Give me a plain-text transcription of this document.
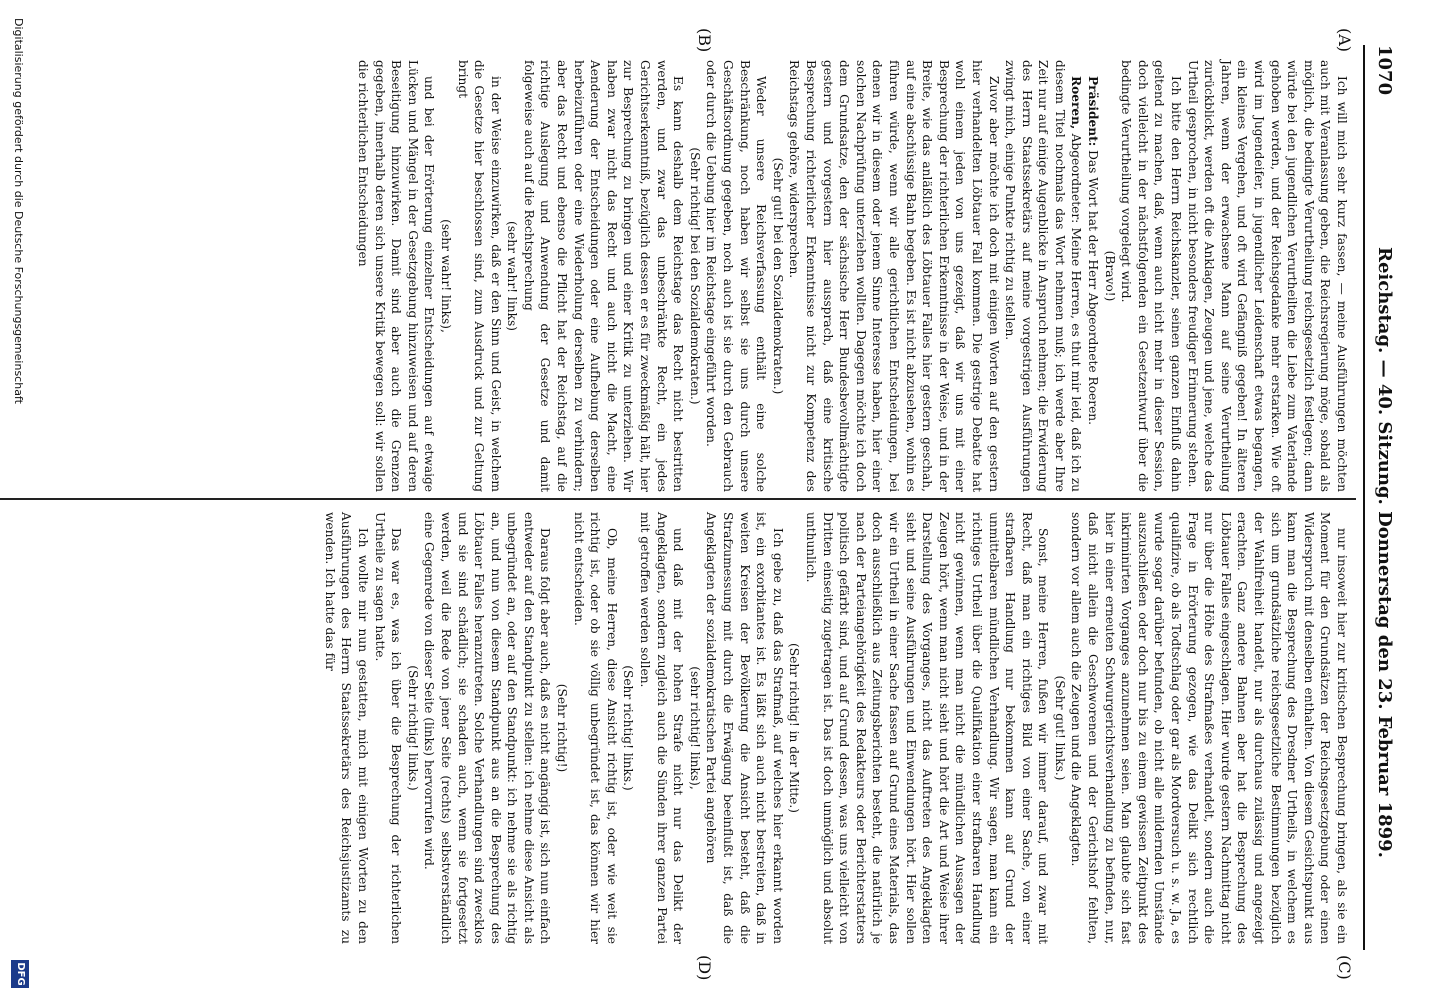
1070
Reichstag. — 40. Sitzung. Donnerstag den 23. Februar 1899.
(A)
(B)
(C)
(D)

Ich will mich sehr kurz fassen, — meine Ausführungen möchten auch mit Veranlassung geben, die Reichsregierung möge, sobald als möglich, die bedingte Verurtheilung reichsgesetzlich festlegen; dann würde bei den jugendlichen Verurtheilten die Liebe zum Vaterlande gehoben werden, und der Reichsgedanke mehr erstarken. Wie oft wird im Jugendeifer, in jugendlicher Leidenschaft etwas begangen, ein kleines Vergehen, und oft wird Gefängniß gegeben! In älteren Jahren, wenn der erwachsene Mann auf seine Verurtheilung zurückblickt, werden oft die Anklagen, Zeugen und jene, welche das Urtheil gesprochen, in nicht besonders freudiger Erinnerung stehen.

Ich bitte den Herrn Reichskanzler, seinen ganzen Einfluß dahin geltend zu machen, daß, wenn auch nicht mehr in dieser Session, doch vielleicht in der nächstfolgenden ein Gesetzentwurf über die bedingte Verurtheilung vorgelegt wird.

(Bravo!)

Präsident: Das Wort hat der Herr Abgeordnete Roeren.

Roeren, Abgeordneter: Meine Herren, es thut mir leid, daß ich zu diesem Titel nochmals das Wort nehmen muß; ich werde aber Ihre Zeit nur auf einige Augenblicke in Anspruch nehmen; die Erwiderung des Herrn Staatssekretärs auf meine vorgestrigen Ausführungen zwingt mich, einige Punkte richtig zu stellen.

Zuvor aber möchte ich doch mit einigen Worten auf den gestern hier verhandelten Löbtauer Fall kommen. Die gestrige Debatte hat wohl einem jeden von uns gezeigt, daß wir uns mit einer Besprechung der richterlichen Erkenntnisse in der Weise, und in der Breite, wie das anläßlich des Löbtauer Falles hier gestern geschah, auf eine abschüssige Bahn begeben. Es ist nicht abzusehen, wohin es führen würde, wenn wir alle gerichtlichen Entscheidungen, bei denen wir in diesem oder jenem Sinne Interesse haben, hier einer solchen Nachprüfung unterziehen wollten. Dagegen möchte ich doch dem Grundsatze, den der sächsische Herr Bundesbevollmächtigte gestern und vorgestern hier aussprach, daß eine kritische Besprechung richterlicher Erkenntnisse nicht zur Kompetenz des Reichstags gehöre, widersprechen.

(Sehr gut! bei den Sozialdemokraten.)

Weder unsere Reichsverfassung enthält eine solche Beschränkung, noch haben wir selbst sie uns durch unsere Geschäftsordnung gegeben, noch auch ist sie durch den Gebrauch oder durch die Uebung hier im Reichstage eingeführt worden.

(Sehr richtig! bei den Sozialdemokraten.)

Es kann deshalb dem Reichstage das Recht nicht bestritten werden, und zwar das unbeschränkte Recht, ein jedes Gerichtserkenntniß, bezüglich dessen er es für zweckmäßig hält, hier zur Besprechung zu bringen und einer Kritik zu unterziehen. Wir haben zwar nicht das Recht und auch nicht die Macht, eine Aenderung der Entscheidungen oder eine Aufhebung derselben herbeizuführen oder eine Wiederholung derselben zu verhindern; aber das Recht und ebenso die Pflicht hat der Reichstag, auf die richtige Auslegung und Anwendung der Gesetze und damit folgeweise auch auf die Rechtsprechung

(sehr wahr! links)

in der Weise einzuwirken, daß er den Sinn und Geist, in welchem die Gesetze hier beschlossen sind, zum Ausdruck und zur Geltung bringt

(sehr wahr! links),

und bei der Erörterung einzelner Entscheidungen auf etwaige Lücken und Mängel in der Gesetzgebung hinzuweisen und auf deren Beseitigung hinzuwirken. Damit sind aber auch die Grenzen gegeben, innerhalb deren sich unsere Kritik bewegen soll: wir sollen die richterlichen Entscheidungen

nur insoweit hier zur kritischen Besprechung bringen, als sie ein Moment für den Grundsätzen der Reichsgesetzgebung oder einen Widerspruch mit denselben enthalten. Von diesem Gesichtspunkt aus kann man die Besprechung des Dresdner Urtheils, in welchem es sich um grundsätzliche reichsgesetzliche Bestimmungen bezüglich der Wahlfreiheit handelt, nur als durchaus zulässig und angezeigt erachten. Ganz andere Bahnen aber hat die Besprechung des Löbtauer Falles eingeschlagen. Hier wurde gestern Nachmittag nicht nur über die Höhe des Strafmaßes verhandelt, sondern auch die Frage in Erörterung gezogen, wie das Delikt sich rechtlich qualifizire, ob als Todtschlag oder gar als Mordversuch u. s. w. Ja, es wurde sogar darüber befunden, ob nicht alle mildernden Umstände auszuschließen oder doch nur bis zu einem gewissen Zeitpunkt des inkriminirten Vorganges anzunehmen seien. Man glaubte sich fast hier in einer erneuten Schwurgerichtsverhandlung zu befinden, nur, daß nicht allein die Geschworenen und der Gerichtshof fehlten, sondern vor allem auch die Zeugen und die Angeklagten.

(Sehr gut! links.)

Sonst, meine Herren, fußen wir immer darauf, und zwar mit Recht, daß man ein richtiges Bild von einer Sache, von einer strafbaren Handlung nur bekommen kann auf Grund der unmittelbaren mündlichen Verhandlung. Wir sagen, man kann ein richtiges Urtheil über die Qualifikation einer strafbaren Handlung nicht gewinnen, wenn man nicht die mündlichen Aussagen der Zeugen hört, wenn man nicht sieht und hört die Art und Weise ihrer Darstellung des Vorganges, nicht das Auftreten des Angeklagten sieht und seine Ausführungen und Einwendungen hört. Hier sollen wir ein Urtheil in einer Sache fassen auf Grund eines Materials, das doch ausschließlich aus Zeitungsberichten besteht, die natürlich je nach der Parteiangehörigkeit des Redakteurs oder Berichterstatters politisch gefärbt sind, und auf Grund dessen, was uns vielleicht von Dritten einseitig zugetragen ist. Das ist doch unmöglich und absolut unthunlich.

(Sehr richtig! in der Mitte.)

Ich gebe zu, daß das Strafmaß, auf welches hier erkannt worden ist, ein exorbitantes ist. Es läßt sich auch nicht bestreiten, daß in weiten Kreisen der Bevölkerung die Ansicht besteht, daß die Strafzumessung mit durch die Erwägung beeinflußt ist, daß die Angeklagten der sozialdemokratischen Partei angehören

(sehr richtig! links),

und daß mit der hohen Strafe nicht nur das Delikt der Angeklagten, sondern zugleich auch die Sünden ihrer ganzen Partei mit getroffen werden sollen.

(Sehr richtig! links.)

Ob, meine Herren, diese Ansicht richtig ist, oder wie weit sie richtig ist, oder ob sie völlig unbegründet ist, das können wir hier nicht entscheiden.

(Sehr richtig!)

Daraus folgt aber auch, daß es nicht angängig ist, sich nun einfach entweder auf den Standpunkt zu stellen: ich nehme diese Ansicht als unbegründet an, oder auf den Standpunkt: ich nehme sie als richtig an, und nun von diesem Standpunkt aus an die Besprechung des Löbtauer Falles heranzutreten. Solche Verhandlungen sind zwecklos und sie sind schädlich; sie schaden auch, wenn sie fortgesetzt werden, weil die Rede von jener Seite (rechts) selbstverständlich eine Gegenrede von dieser Seite (links) hervorrufen wird.

(Sehr richtig! links.)

Das war es, was ich über die Besprechung der richterlichen Urtheile zu sagen hatte.

Ich wollte mir nun gestatten, mich mit einigen Worten zu den Ausführungen des Herrn Staatssekretärs des Reichsjustizamts zu wenden. Ich hatte das für

Digitalisierung gefördert durch die Deutsche Forschungsgemeinschaft
DFG
